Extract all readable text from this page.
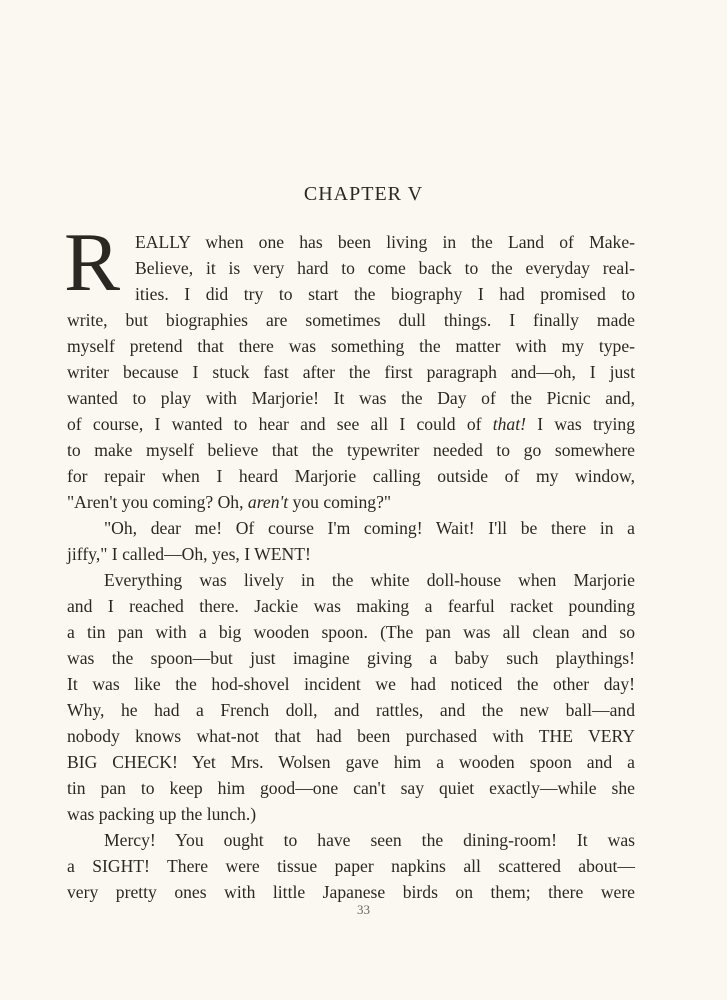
CHAPTER V
R EALLY when one has been living in the Land of Make-
Believe, it is very hard to come back to the everyday real-
ities. I did try to start the biography I had promised to
write, but biographies are sometimes dull things. I finally made
myself pretend that there was something the matter with my type-
writer because I stuck fast after the first paragraph and—oh, I just
wanted to play with Marjorie! It was the Day of the Picnic and,
of course, I wanted to hear and see all I could of that! I was trying
to make myself believe that the typewriter needed to go somewhere
for repair when I heard Marjorie calling outside of my window,
"Aren't you coming? Oh, aren't you coming?"
"Oh, dear me! Of course I'm coming! Wait! I'll be there in a
jiffy," I called—Oh, yes, I WENT!
Everything was lively in the white doll-house when Marjorie
and I reached there. Jackie was making a fearful racket pounding
a tin pan with a big wooden spoon. (The pan was all clean and so
was the spoon—but just imagine giving a baby such playthings!
It was like the hod-shovel incident we had noticed the other day!
Why, he had a French doll, and rattles, and the new ball—and
nobody knows what-not that had been purchased with THE VERY
BIG CHECK! Yet Mrs. Wolsen gave him a wooden spoon and a
tin pan to keep him good—one can't say quiet exactly—while she
was packing up the lunch.)
Mercy! You ought to have seen the dining-room! It was
a SIGHT! There were tissue paper napkins all scattered about—
very pretty ones with little Japanese birds on them; there were
33
